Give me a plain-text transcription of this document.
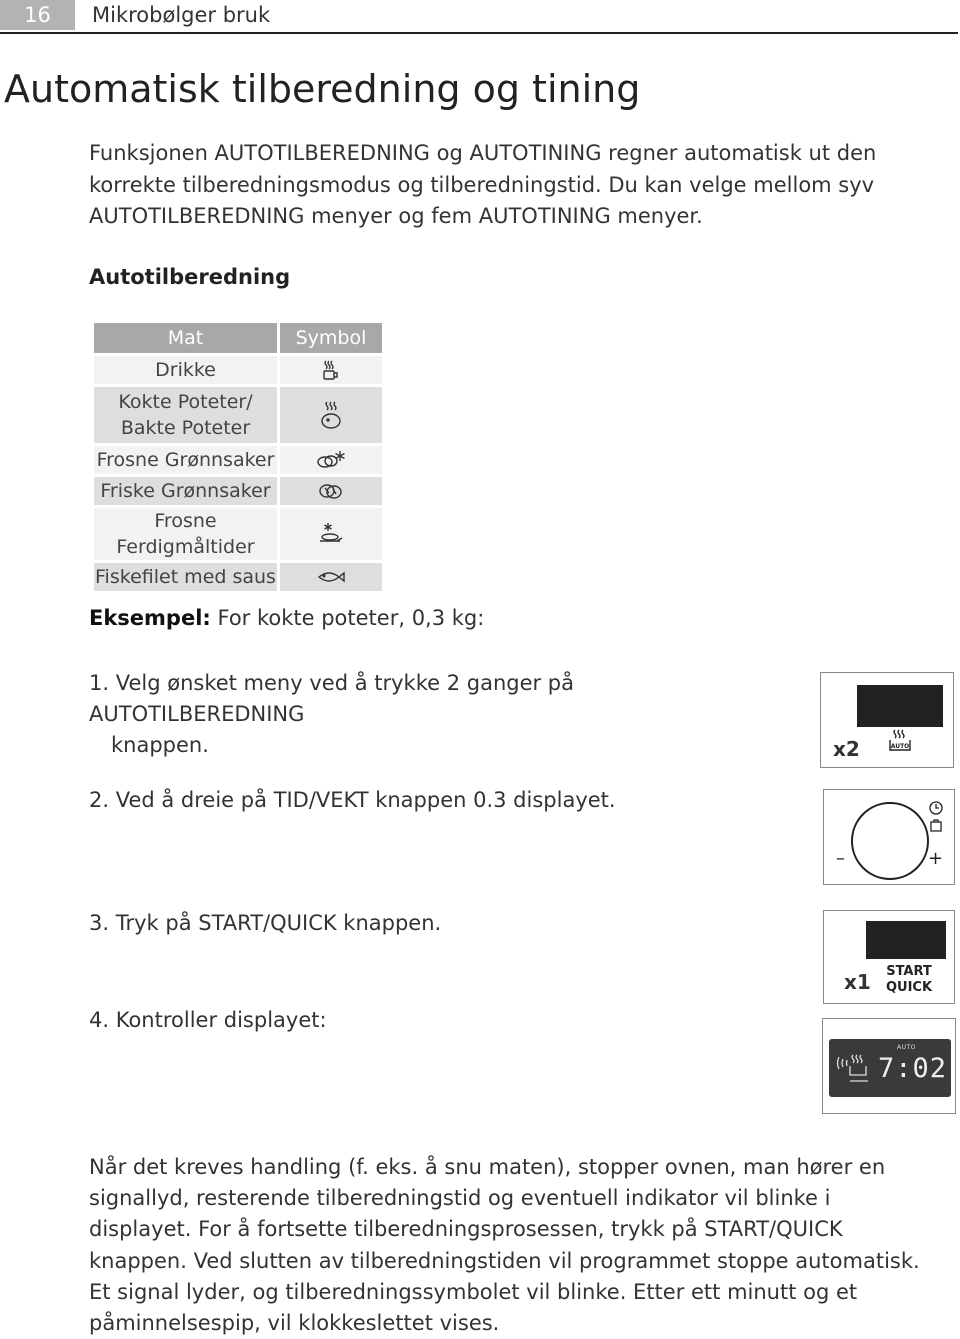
16	Mikrobølger bruk
Automatisk tilberedning og tining

Funksjonen AUTOTILBEREDNING og AUTOTINING regner automatisk ut den korrekte tilberedningsmodus og tilberedningstid. Du kan velge mellom syv AUTOTILBEREDNING menyer og fem AUTOTINING menyer.

Autotilberedning
Mat	Symbol
Drikke	

Kokte Poteter/
Bakte Poteter	

Frosne Grønnsaker	

Friske Grønnsaker	

Frosne Ferdigmåltider	

Fiskefilet med saus	

Eksempel: For kokte poteter, 0,3 kg:

1. Velg ønsket meny ved å trykke 2 ganger på AUTOTILBEREDNING
knappen.

2. Ved å dreie på TID/VEKT knappen 0.3 displayet.

3. Tryk på START/QUICK knappen.

4. Kontroller displayet:

x2	AUTO
–	+
x1 START
QUICK
AUTO
7:02

Når det kreves handling (f. eks. å snu maten), stopper ovnen, man hører en signallyd, resterende tilberedningstid og eventuell indikator vil blinke i displayet. For å fortsette tilberedningsprosessen, trykk på START/QUICK knappen. Ved slutten av tilberedningstiden vil programmet stoppe automatisk. Et signal lyder, og tilberedningssymbolet vil blinke. Etter ett minutt og et påminnelsespip, vil klokkeslettet vises.
